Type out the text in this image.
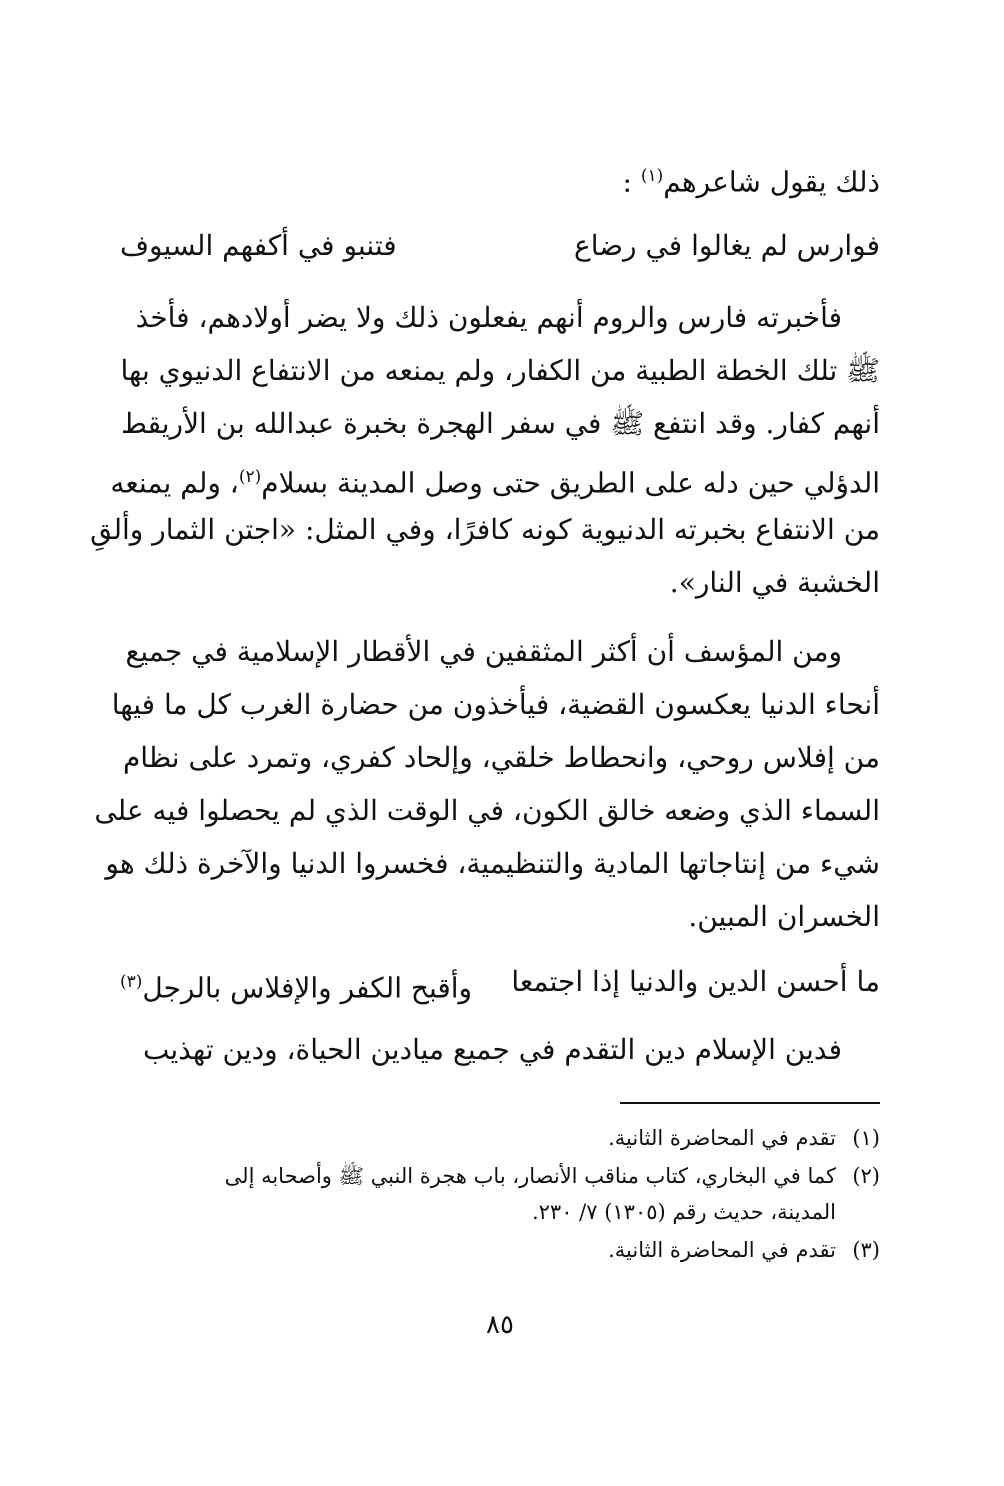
ذلك يقول شاعرهم$^{(١)}$ :
فوارس لم يغالوا في رضاع
فتنبو في أكفهم السيوف
فأخبرته فارس والروم أنهم يفعلون ذلك ولا يضر أولادهم، فأخذ
ﷺ تلك الخطة الطبية من الكفار، ولم يمنعه من الانتفاع الدنيوي بها
أنهم كفار. وقد انتفع ﷺ في سفر الهجرة بخبرة عبدالله بن الأريقط
الدؤلي حين دله على الطريق حتى وصل المدينة بسلام$^{(٢)}$، ولم يمنعه
من الانتفاع بخبرته الدنيوية كونه كافرًا، وفي المثل: «اجتن الثمار وألقِ
الخشبة في النار».
ومن المؤسف أن أكثر المثقفين في الأقطار الإسلامية في جميع
أنحاء الدنيا يعكسون القضية، فيأخذون من حضارة الغرب كل ما فيها
من إفلاس روحي، وانحطاط خلقي، وإلحاد كفري، وتمرد على نظام
السماء الذي وضعه خالق الكون، في الوقت الذي لم يحصلوا فيه على
شيء من إنتاجاتها المادية والتنظيمية، فخسروا الدنيا والآخرة ذلك هو
الخسران المبين.
ما أحسن الدين والدنيا إذا اجتمعا
وأقبح الكفر والإفلاس بالرجل$^{(٣)}$
فدين الإسلام دين التقدم في جميع ميادين الحياة، ودين تهذيب
(١)تقدم في المحاضرة الثانية.
(٢)كما في البخاري، كتاب مناقب الأنصار، باب هجرة النبي ﷺ وأصحابه إلى
المدينة، حديث رقم (١٣٠٥) ٧/ ٢٣٠.
(٣)تقدم في المحاضرة الثانية.
٨٥
